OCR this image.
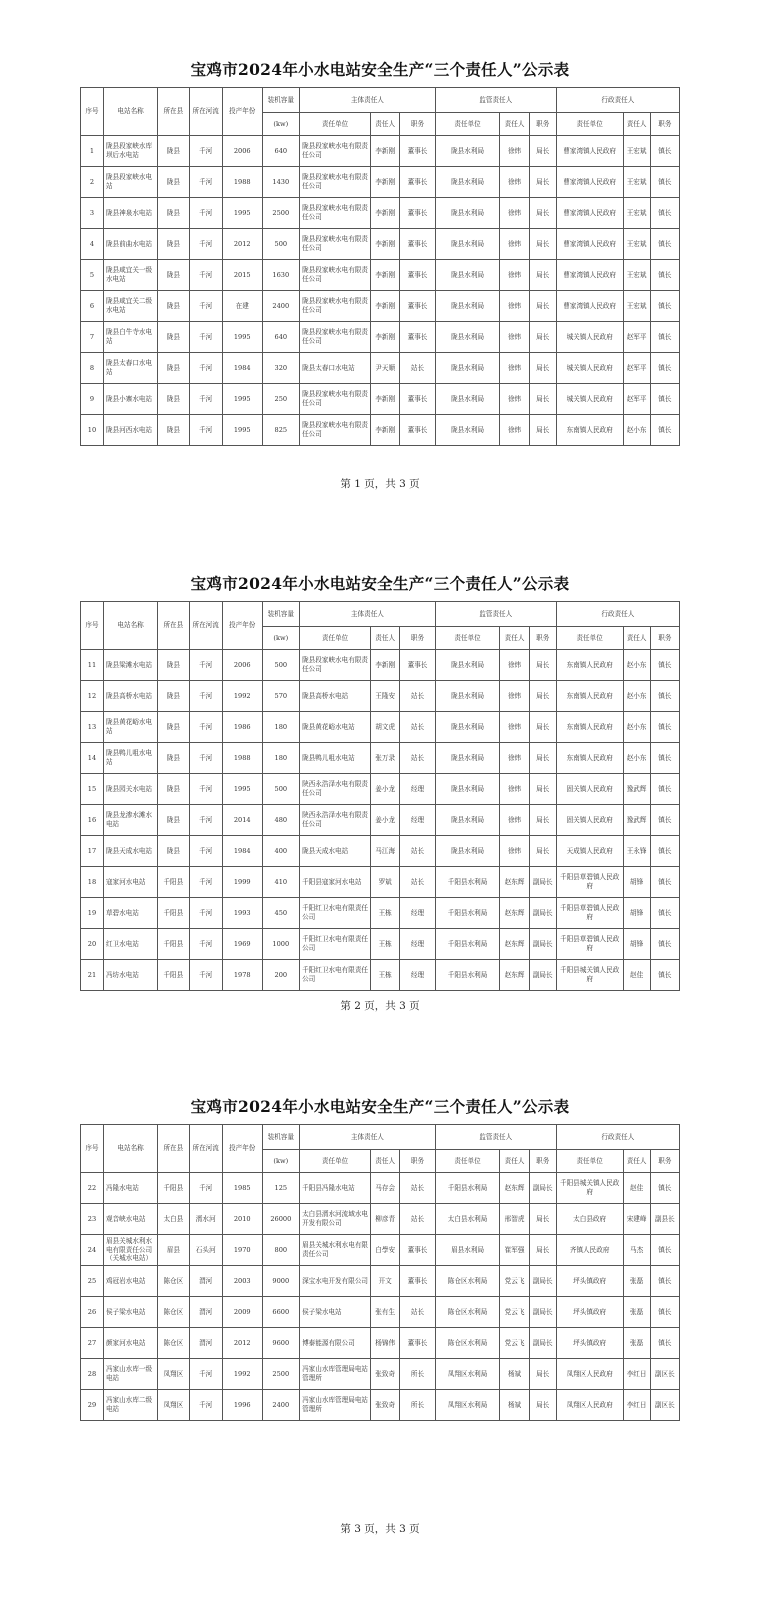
宝鸡市2024年小水电站安全生产“三个责任人”公示表
序号	电站名称	所在县	所在河流	投产年份	装机容量	主体责任人			监管责任人			行政责任人		
					(kw)	责任单位	责任人	职务	责任单位	责任人	职务	责任单位	责任人	职务
1	陇县段家峡水库坝后水电站	陇县	千河	2006	640	陇县段家峡水电有限责任公司	李新刚	董事长	陇县水利局	徐炜	局长	曹家湾镇人民政府	王宏斌	镇长
2	陇县段家峡水电站	陇县	千河	1988	1430	陇县段家峡水电有限责任公司	李新刚	董事长	陇县水利局	徐炜	局长	曹家湾镇人民政府	王宏斌	镇长
3	陇县神泉水电站	陇县	千河	1995	2500	陇县段家峡水电有限责任公司	李新刚	董事长	陇县水利局	徐炜	局长	曹家湾镇人民政府	王宏斌	镇长
4	陇县前曲水电站	陇县	千河	2012	500	陇县段家峡水电有限责任公司	李新刚	董事长	陇县水利局	徐炜	局长	曹家湾镇人民政府	王宏斌	镇长
5	陇县咸宜关一级水电站	陇县	千河	2015	1630	陇县段家峡水电有限责任公司	李新刚	董事长	陇县水利局	徐炜	局长	曹家湾镇人民政府	王宏斌	镇长
6	陇县咸宜关二级水电站	陇县	千河	在建	2400	陇县段家峡水电有限责任公司	李新刚	董事长	陇县水利局	徐炜	局长	曹家湾镇人民政府	王宏斌	镇长
7	陇县白牛寺水电站	陇县	千河	1995	640	陇县段家峡水电有限责任公司	李新刚	董事长	陇县水利局	徐炜	局长	城关镇人民政府	赵军平	镇长
8	陇县太春口水电站	陇县	千河	1984	320	陇县太春口水电站	尹天顺	站长	陇县水利局	徐炜	局长	城关镇人民政府	赵军平	镇长
9	陇县小寨水电站	陇县	千河	1995	250	陇县段家峡水电有限责任公司	李新刚	董事长	陇县水利局	徐炜	局长	城关镇人民政府	赵军平	镇长
10	陇县河西水电站	陇县	千河	1995	825	陇县段家峡水电有限责任公司	李新刚	董事长	陇县水利局	徐炜	局长	东南镇人民政府	赵小东	镇长
第 1 页，共 3 页
宝鸡市2024年小水电站安全生产“三个责任人”公示表
序号	电站名称	所在县	所在河流	投产年份	装机容量	主体责任人			监管责任人			行政责任人		
					(kw)	责任单位	责任人	职务	责任单位	责任人	职务	责任单位	责任人	职务
11	陇县梁滩水电站	陇县	千河	2006	500	陇县段家峡水电有限责任公司	李新刚	董事长	陇县水利局	徐炜	局长	东南镇人民政府	赵小东	镇长
12	陇县高桥水电站	陇县	千河	1992	570	陇县高桥水电站	王隆安	站长	陇县水利局	徐炜	局长	东南镇人民政府	赵小东	镇长
13	陇县黄花峪水电站	陇县	千河	1986	180	陇县黄花峪水电站	胡文虎	站长	陇县水利局	徐炜	局长	东南镇人民政府	赵小东	镇长
14	陇县鸭儿咀水电站	陇县	千河	1988	180	陇县鸭儿咀水电站	张万录	站长	陇县水利局	徐炜	局长	东南镇人民政府	赵小东	镇长
15	陇县园关水电站	陇县	千河	1995	500	陕西永浩泽水电有限责任公司	姜小龙	经理	陇县水利局	徐炜	局长	固关镇人民政府	豫武辉	镇长
16	陇县龙渗水滩水电站	陇县	千河	2014	480	陕西永浩泽水电有限责任公司	姜小龙	经理	陇县水利局	徐炜	局长	固关镇人民政府	豫武辉	镇长
17	陇县天成水电站	陇县	千河	1984	400	陇县天成水电站	马江海	站长	陇县水利局	徐炜	局长	天成镇人民政府	王永锋	镇长
18	寇家河水电站	千阳县	千河	1999	410	千阳县寇家河水电站	罗斌	站长	千阳县水利局	赵东辉	副局长	千阳县草碧镇人民政府	胡锋	镇长
19	草碧水电站	千阳县	千河	1993	450	千阳红卫水电有限责任公司	王栋	经理	千阳县水利局	赵东辉	副局长	千阳县草碧镇人民政府	胡锋	镇长
20	红卫水电站	千阳县	千河	1969	1000	千阳红卫水电有限责任公司	王栋	经理	千阳县水利局	赵东辉	副局长	千阳县草碧镇人民政府	胡锋	镇长
21	冯坊水电站	千阳县	千河	1978	200	千阳红卫水电有限责任公司	王栋	经理	千阳县水利局	赵东辉	副局长	千阳县城关镇人民政府	赵佳	镇长
第 2 页，共 3 页
宝鸡市2024年小水电站安全生产“三个责任人”公示表
序号	电站名称	所在县	所在河流	投产年份	装机容量	主体责任人			监管责任人			行政责任人		
					(kw)	责任单位	责任人	职务	责任单位	责任人	职务	责任单位	责任人	职务
22	冯隆水电站	千阳县	千河	1985	125	千阳县冯隆水电站	马存会	站长	千阳县水利局	赵东辉	副局长	千阳县城关镇人民政府	赵佳	镇长
23	观音峡水电站	太白县	湑水河	2010	26000	太白县湑水河流域水电开发有限公司	柳彦青	站长	太白县水利局	邢智虎	局长	太白县政府	宋建峰	副县长
24	眉县关城水利水电有限责任公司（关城水电站）	眉县	石头河	1970	800	眉县关城水利水电有限责任公司	白學安	董事长	眉县水利局	崔军强	局长	齐镇人民政府	马杰	镇长
25	鸡冠岩水电站	陈仓区	渭河	2003	9000	深宝水电开发有限公司	开文	董事长	陈仓区水利局	党云飞	副局长	坪头镇政府	张磊	镇长
26	侯子梁水电站	陈仓区	渭河	2009	6600	侯子梁水电站	张有生	站长	陈仓区水利局	党云飞	副局长	坪头镇政府	张磊	镇长
27	颜家河水电站	陈仓区	渭河	2012	9600	博泰能源有限公司	杨锦伟	董事长	陈仓区水利局	党云飞	副局长	坪头镇政府	张磊	镇长
28	冯家山水库一级电站	凤翔区	千河	1992	2500	冯家山水库管理局电站管理所	张致奇	所长	凤翔区水利局	杨斌	局长	凤翔区人民政府	李红日	副区长
29	冯家山水库二级电站	凤翔区	千河	1996	2400	冯家山水库管理局电站管理所	张致奇	所长	凤翔区水利局	杨斌	局长	凤翔区人民政府	李红日	副区长
第 3 页，共 3 页
